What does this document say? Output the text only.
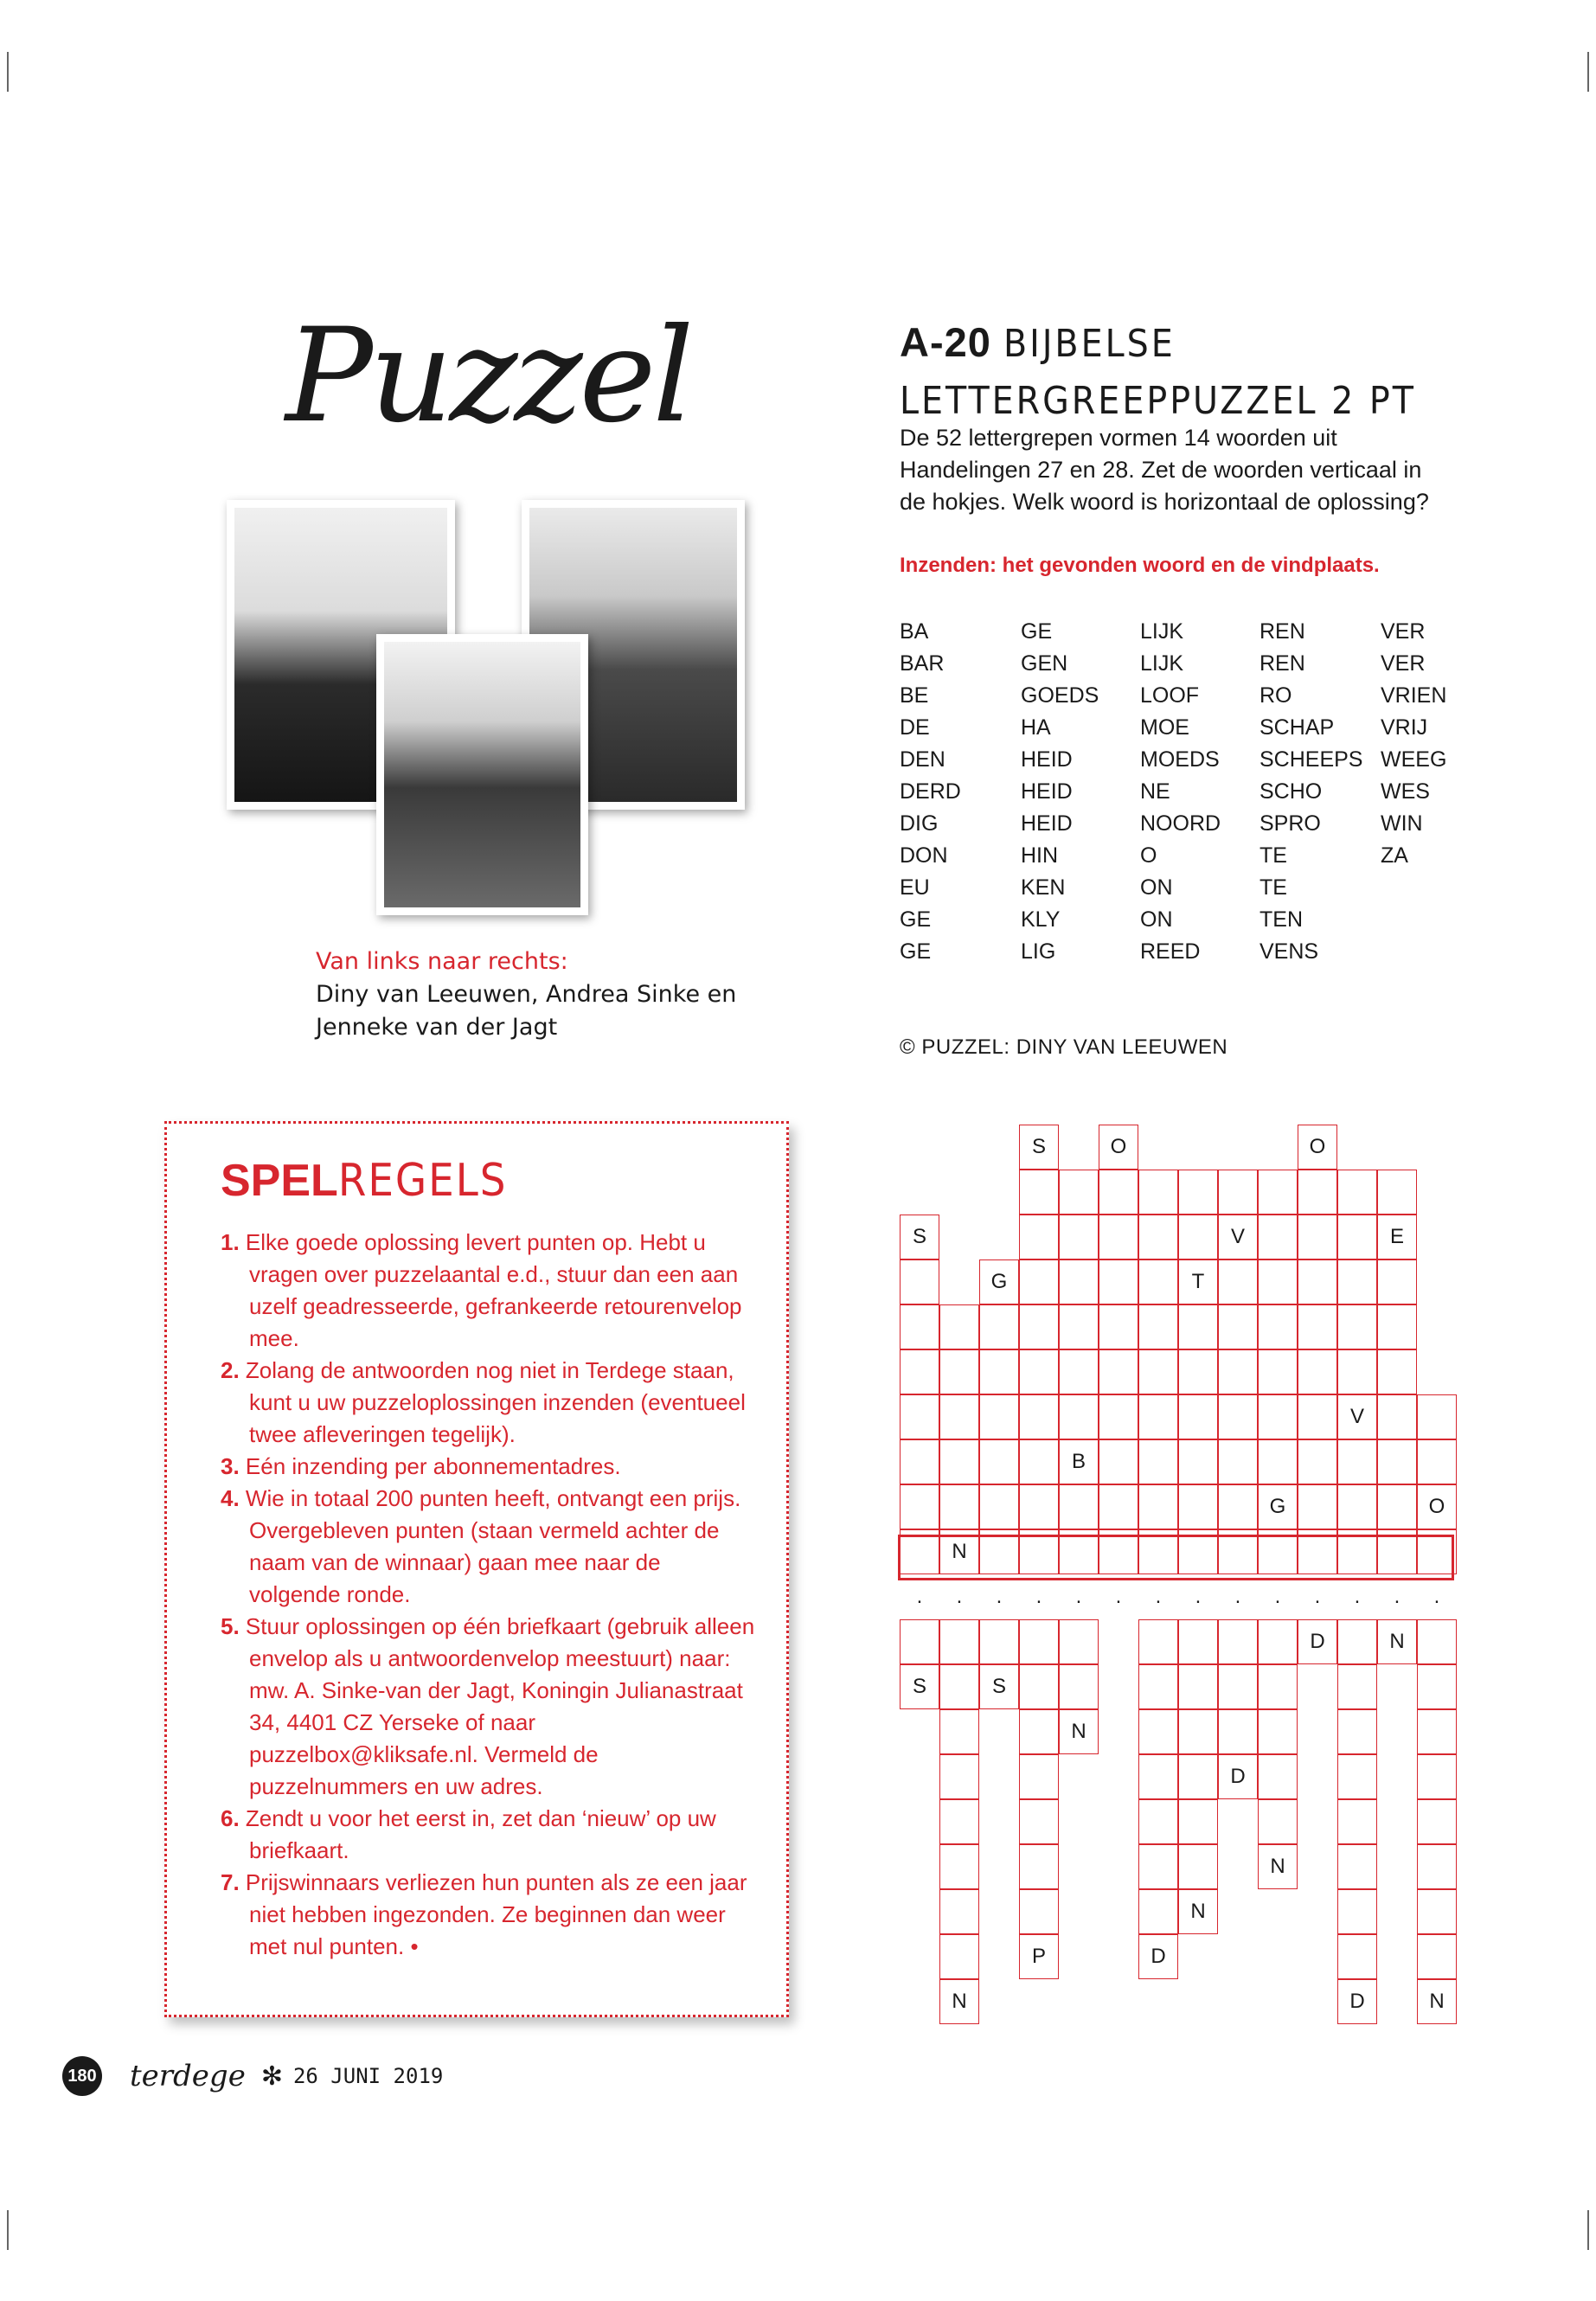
Puzzel
Van links naar rechts:
Diny van Leeuwen, Andrea Sinke en
Jenneke van der Jagt
A-20 BIJBELSE
LETTERGREEPPUZZEL 2 PT
De 52 lettergrepen vormen 14 woorden uit Handelingen 27 en 28. Zet de woorden verticaal in de hokjes. Welk woord is horizontaal de oplossing?
Inzenden: het gevonden woord en de vindplaats.
BA
BAR
BE
DE
DEN
DERD
DIG
DON
EU
GE
GE
GE
GEN
GOEDS
HA
HEID
HEID
HEID
HIN
KEN
KLY
LIG
LIJK
LIJK
LOOF
MOE
MOEDS
NE
NOORD
O
ON
ON
REED
REN
REN
RO
SCHAP
SCHEEPS
SCHO
SPRO
TE
TE
TEN
VENS
VER
VER
VRIEN
VRIJ
WEEG
WES
WIN
ZA
© PUZZEL: DINY VAN LEEUWEN
SPELREGELS
1. Elke goede oplossing levert punten op. Hebt u vragen over puzzelaantal e.d., stuur dan een aan uzelf geadresseerde, gefrankeerde retourenvelop mee.
2. Zolang de antwoorden nog niet in Terdege staan, kunt u uw puzzeloplossingen inzenden (eventueel twee afleveringen tegelijk).
3. Eén inzending per abonnementadres.
4. Wie in totaal 200 punten heeft, ontvangt een prijs. Overgebleven punten (staan vermeld achter de naam van de winnaar) gaan mee naar de volgende ronde.
5. Stuur oplossingen op één briefkaart (gebruik alleen envelop als u antwoordenvelop meestuurt) naar: mw. A. Sinke-van der Jagt, Koningin Julianastraat 34, 4401 CZ Yerseke of naar puzzelbox@kliksafe.nl. Vermeld de puzzelnummers en uw adres.
6. Zendt u voor het eerst in, zet dan ‘nieuw’ op uw briefkaart.
7. Prijswinnaars verliezen hun punten als ze een jaar niet hebben ingezonden. Ze beginnen dan weer met nul punten. •
S
.
S
N
.
N
G
.
S
S
.
P
B
.
N
O
.	.
D
T
.
N
V
.
D
G
.
N
O
.
D
V
.
D
E
.
N
O
.
N
180 terdege ✻ 26 JUNI 2019
